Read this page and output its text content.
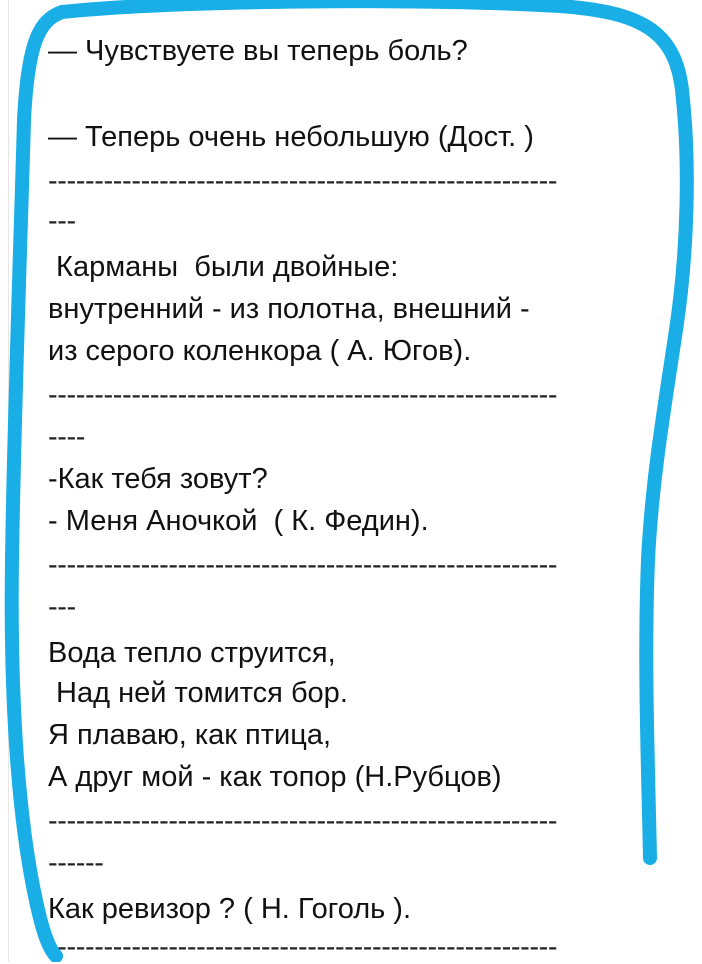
— Чувствуете вы теперь боль?
— Теперь очень небольшую (Дост. )
-------------------------------------------------------
---
Карманы  были двойные:
внутренний - из полотна, внешний -
из серого коленкора ( А. Югов).
-------------------------------------------------------
----
-Как тебя зовут?
- Меня Аночкой  ( К. Федин).
-------------------------------------------------------
---
Вода тепло струится,
Над ней томится бор.
Я плаваю, как птица,
А друг мой - как топор (Н.Рубцов)
-------------------------------------------------------
------
Как ревизор ? ( Н. Гоголь ).
-------------------------------------------------------
